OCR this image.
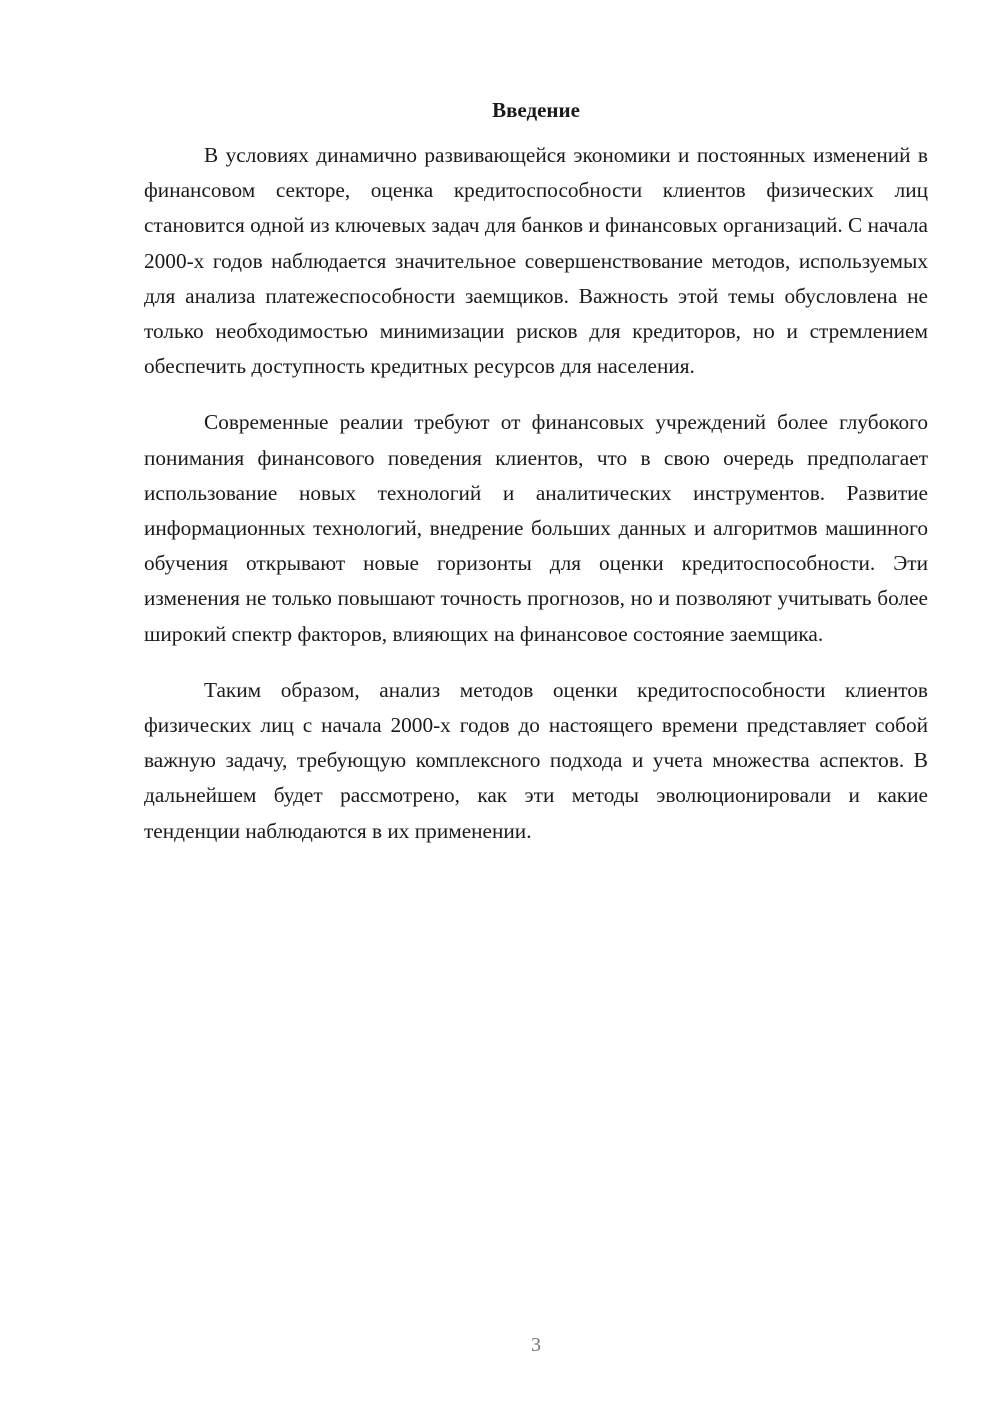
Введение

В условиях динамично развивающейся экономики и постоянных изменений в финансовом секторе, оценка кредитоспособности клиентов физических лиц становится одной из ключевых задач для банков и финансовых организаций. С начала 2000-х годов наблюдается значительное совершенствование методов, используемых для анализа платежеспособности заемщиков. Важность этой темы обусловлена не только необходимостью минимизации рисков для кредиторов, но и стремлением обеспечить доступность кредитных ресурсов для населения.

Современные реалии требуют от финансовых учреждений более глубокого понимания финансового поведения клиентов, что в свою очередь предполагает использование новых технологий и аналитических инструментов. Развитие информационных технологий, внедрение больших данных и алгоритмов машинного обучения открывают новые горизонты для оценки кредитоспособности. Эти изменения не только повышают точность прогнозов, но и позволяют учитывать более широкий спектр факторов, влияющих на финансовое состояние заемщика.

Таким образом, анализ методов оценки кредитоспособности клиентов физических лиц с начала 2000-х годов до настоящего времени представляет собой важную задачу, требующую комплексного подхода и учета множества аспектов. В дальнейшем будет рассмотрено, как эти методы эволюционировали и какие тенденции наблюдаются в их применении.

3
